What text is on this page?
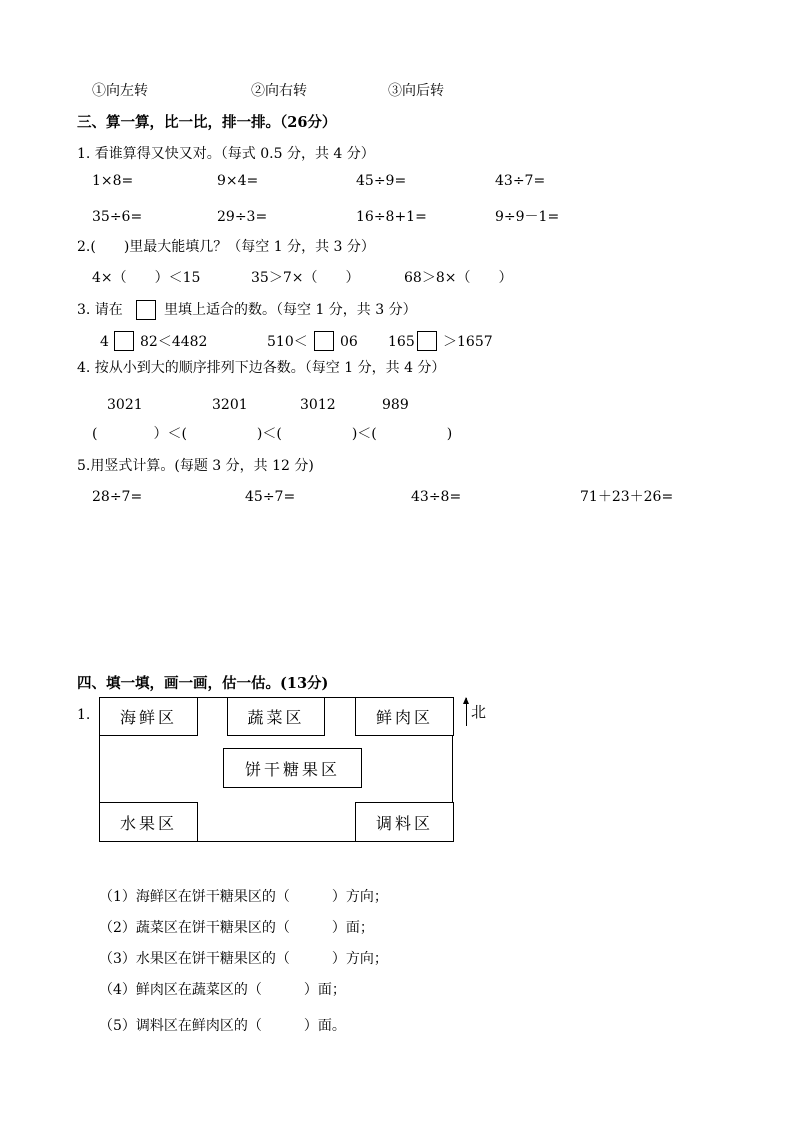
①向左转	②向右转	③向后转
三、算一算，比一比，排一排。（26分）
1. 看谁算得又快又对。（每式 0.5 分，共 4 分）
1×8=	9×4=	45÷9=	43÷7=
35÷6=	29÷3=	16÷8+1=	9÷9－1=
2.(　　)里最大能填几？（每空 1 分，共 3 分）
4×（　　）＜15	35＞7×（　　）	68＞8×（　　）
3. 请在	里填上适合的数。（每空 1 分，共 3 分）
4 82＜4482	510＜ 06 165 ＞1657
4. 按从小到大的顺序排列下边各数。（每空 1 分，共 4 分）
3021	3201	3012	989
(　　　　）＜(　　　　　)＜(　　　　　)＜(　　　　　)
5.用竖式计算。(每题 3 分，共 12 分)
28÷7=	45÷7=	43÷8=	71＋23＋26=
四、填一填，画一画，估一估。(13分)
1. 海鲜区	蔬菜区	鲜肉区
饼干糖果区
水果区	调料区
北
（1）海鲜区在饼干糖果区的（　　　）方向；
（2）蔬菜区在饼干糖果区的（　　　）面；
（3）水果区在饼干糖果区的（　　　）方向；
（4）鲜肉区在蔬菜区的（　　　）面；
（5）调料区在鲜肉区的（　　　）面。
